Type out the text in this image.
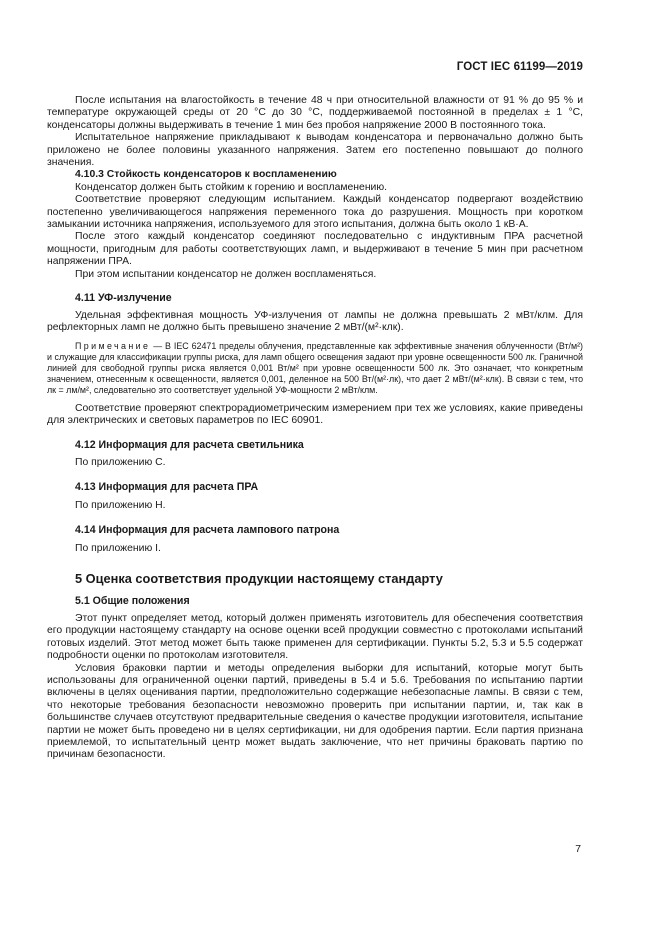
ГОСТ IEC 61199—2019

После испытания на влагостойкость в течение 48 ч при относительной влажности от 91 % до 95 % и температуре окружающей среды от 20 °С до 30 °С, поддерживаемой постоянной в пределах ± 1 °С, конденсаторы должны выдерживать в течение 1 мин без пробоя напряжение 2000 В постоянного тока.

Испытательное напряжение прикладывают к выводам конденсатора и первоначально должно быть приложено не более половины указанного напряжения. Затем его постепенно повышают до полного значения.

4.10.3 Стойкость конденсаторов к воспламенению

Конденсатор должен быть стойким к горению и воспламенению.

Соответствие проверяют следующим испытанием. Каждый конденсатор подвергают воздействию постепенно увеличивающегося напряжения переменного тока до разрушения. Мощность при коротком замыкании источника напряжения, используемого для этого испытания, должна быть около 1 кВ·А.

После этого каждый конденсатор соединяют последовательно с индуктивным ПРА расчетной мощности, пригодным для работы соответствующих ламп, и выдерживают в течение 5 мин при расчетном напряжении ПРА.

При этом испытании конденсатор не должен воспламеняться.

4.11 УФ-излучение

Удельная эффективная мощность УФ-излучения от лампы не должна превышать 2 мВт/клм. Для рефлекторных ламп не должно быть превышено значение 2 мВт/(м²·клк).

Примечание — В IEC 62471 пределы облучения, представленные как эффективные значения облученности (Вт/м²) и служащие для классификации группы риска, для ламп общего освещения задают при уровне освещенности 500 лк. Граничной линией для свободной группы риска является 0,001 Вт/м² при уровне освещенности 500 лк. Это означает, что конкретным значением, отнесенным к освещенности, является 0,001, деленное на 500 Вт/(м²·лк), что дает 2 мВт/(м²·клк). В связи с тем, что лк = лм/м², следовательно это соответствует удельной УФ-мощности 2 мВт/клм.

Соответствие проверяют спектрорадиометрическим измерением при тех же условиях, какие приведены для электрических и световых параметров по IEC 60901.

4.12 Информация для расчета светильника

По приложению С.

4.13 Информация для расчета ПРА

По приложению Н.

4.14 Информация для расчета лампового патрона

По приложению I.

5 Оценка соответствия продукции настоящему стандарту

5.1 Общие положения

Этот пункт определяет метод, который должен применять изготовитель для обеспечения соответствия его продукции настоящему стандарту на основе оценки всей продукции совместно с протоколами испытаний готовых изделий. Этот метод может быть также применен для сертификации. Пункты 5.2, 5.3 и 5.5 содержат подробности оценки по протоколам изготовителя.

Условия браковки партии и методы определения выборки для испытаний, которые могут быть использованы для ограниченной оценки партий, приведены в 5.4 и 5.6. Требования по испытанию партии включены в целях оценивания партии, предположительно содержащие небезопасные лампы. В связи с тем, что некоторые требования безопасности невозможно проверить при испытании партии, и, так как в большинстве случаев отсутствуют предварительные сведения о качестве продукции изготовителя, испытание партии не может быть проведено ни в целях сертификации, ни для одобрения партии. Если партия признана приемлемой, то испытательный центр может выдать заключение, что нет причины браковать партию по причинам безопасности.

7
